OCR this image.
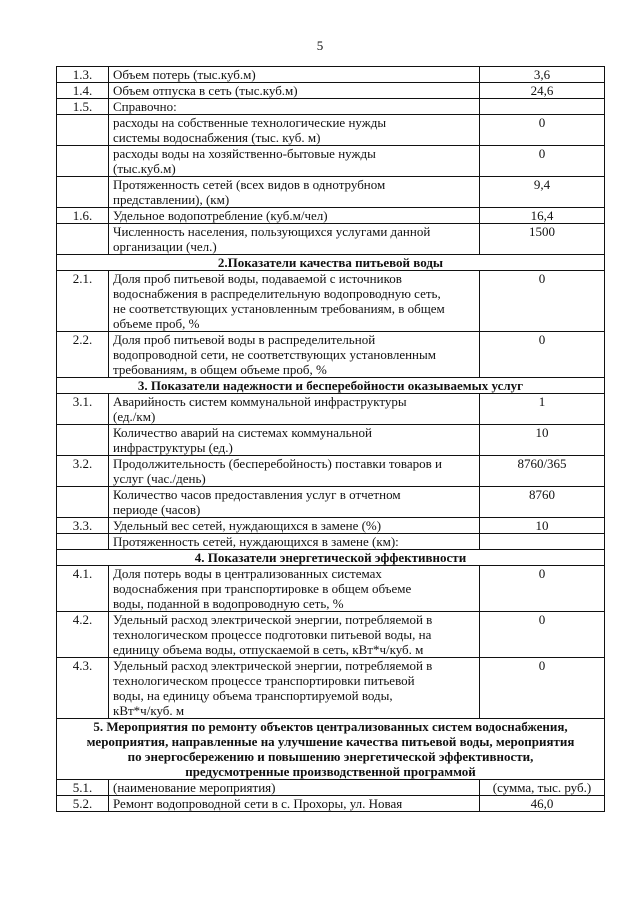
5
1.3.	Объем потерь (тыс.куб.м)	3,6
1.4.	Объем отпуска в сеть (тыс.куб.м)	24,6
1.5.	Справочно:	

	расходы на собственные технологические нужды
системы водоснабжения (тыс. куб. м)	0

	расходы воды на хозяйственно-бытовые нужды
(тыс.куб.м)	0

	Протяженность сетей (всех видов в однотрубном
представлении), (км)	9,4
1.6.	Удельное водопотребление (куб.м/чел)	16,4

	Численность населения, пользующихся услугами данной
организации (чел.)	1500

2.Показатели качества питьевой воды		

2.1.	Доля проб питьевой воды, подаваемой с источников
водоснабжения в распределительную водопроводную сеть,
не соответствующих установленным требованиям, в общем
объеме проб, %	0
2.2.	Доля проб питьевой воды в распределительной
водопроводной сети, не соответствующих установленным
требованиям, в общем объеме проб, %	0

3. Показатели надежности и бесперебойности оказываемых услуг		

3.1.	Аварийность систем коммунальной инфраструктуры
(ед./км)	1

	Количество аварий на системах коммунальной
инфраструктуры (ед.)	10
3.2.	Продолжительность (бесперебойность) поставки товаров и
услуг (час./день)	8760/365

	Количество часов предоставления услуг в отчетном
периоде (часов)	8760
3.3.	Удельный вес сетей, нуждающихся в замене (%)	10

	Протяженность сетей, нуждающихся в замене (км):	

4. Показатели энергетической эффективности		

4.1.	Доля потерь воды в централизованных системах
водоснабжения при транспортировке в общем объеме
воды, поданной в водопроводную сеть, %	0
4.2.	Удельный расход электрической энергии, потребляемой в
технологическом процессе подготовки питьевой воды, на
единицу объема воды, отпускаемой в сеть, кВт*ч/куб. м	0
4.3.	Удельный расход электрической энергии, потребляемой в
технологическом процессе транспортировки питьевой
воды, на единицу объема транспортируемой воды,
кВт*ч/куб. м	0

5. Мероприятия по ремонту объектов централизованных систем водоснабжения,
мероприятия, направленные на улучшение качества питьевой воды, мероприятия
по энергосбережению и повышению энергетической эффективности,
предусмотренные производственной программой		

5.1.	(наименование мероприятия)	(сумма, тыс. руб.)
5.2.	Ремонт водопроводной сети в с. Прохоры, ул. Новая	46,0
